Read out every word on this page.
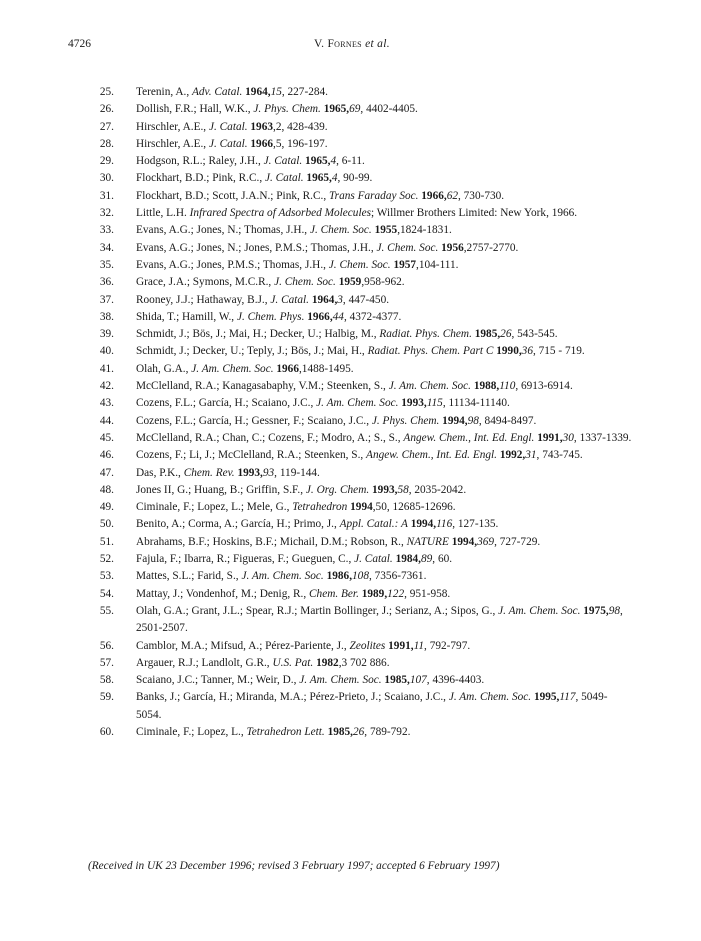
4726	V. Fornes et al.
25.	Terenin, A., Adv. Catal. 1964,15, 227-284.
26.	Dollish, F.R.; Hall, W.K., J. Phys. Chem. 1965,69, 4402-4405.
27.	Hirschler, A.E., J. Catal. 1963,2, 428-439.
28.	Hirschler, A.E., J. Catal. 1966,5, 196-197.
29.	Hodgson, R.L.; Raley, J.H., J. Catal. 1965,4, 6-11.
30.	Flockhart, B.D.; Pink, R.C., J. Catal. 1965,4, 90-99.
31.	Flockhart, B.D.; Scott, J.A.N.; Pink, R.C., Trans Faraday Soc. 1966,62, 730-730.
32.	Little, L.H. Infrared Spectra of Adsorbed Molecules; Willmer Brothers Limited: New York, 1966.
33.	Evans, A.G.; Jones, N.; Thomas, J.H., J. Chem. Soc. 1955,1824-1831.
34.	Evans, A.G.; Jones, N.; Jones, P.M.S.; Thomas, J.H., J. Chem. Soc. 1956,2757-2770.
35.	Evans, A.G.; Jones, P.M.S.; Thomas, J.H., J. Chem. Soc. 1957,104-111.
36.	Grace, J.A.; Symons, M.C.R., J. Chem. Soc. 1959,958-962.
37.	Rooney, J.J.; Hathaway, B.J., J. Catal. 1964,3, 447-450.
38.	Shida, T.; Hamill, W., J. Chem. Phys. 1966,44, 4372-4377.
39.	Schmidt, J.; Bös, J.; Mai, H.; Decker, U.; Halbig, M., Radiat. Phys. Chem. 1985,26, 543-545.
40.	Schmidt, J.; Decker, U.; Teply, J.; Bös, J.; Mai, H., Radiat. Phys. Chem. Part C 1990,36, 715 - 719.
41.	Olah, G.A., J. Am. Chem. Soc. 1966,1488-1495.
42.	McClelland, R.A.; Kanagasabaphy, V.M.; Steenken, S., J. Am. Chem. Soc. 1988,110, 6913-6914.
43.	Cozens, F.L.; García, H.; Scaiano, J.C., J. Am. Chem. Soc. 1993,115, 11134-11140.
44.	Cozens, F.L.; García, H.; Gessner, F.; Scaiano, J.C., J. Phys. Chem. 1994,98, 8494-8497.
45.	McClelland, R.A.; Chan, C.; Cozens, F.; Modro, A.; S., S., Angew. Chem., Int. Ed. Engl. 1991,30, 1337-1339.
46.	Cozens, F.; Li, J.; McClelland, R.A.; Steenken, S., Angew. Chem., Int. Ed. Engl. 1992,31, 743-745.
47.	Das, P.K., Chem. Rev. 1993,93, 119-144.
48.	Jones II, G.; Huang, B.; Griffin, S.F., J. Org. Chem. 1993,58, 2035-2042.
49.	Ciminale, F.; Lopez, L.; Mele, G., Tetrahedron 1994,50, 12685-12696.
50.	Benito, A.; Corma, A.; García, H.; Primo, J., Appl. Catal.: A 1994,116, 127-135.
51.	Abrahams, B.F.; Hoskins, B.F.; Michail, D.M.; Robson, R., NATURE 1994,369, 727-729.
52.	Fajula, F.; Ibarra, R.; Figueras, F.; Gueguen, C., J. Catal. 1984,89, 60.
53.	Mattes, S.L.; Farid, S., J. Am. Chem. Soc. 1986,108, 7356-7361.
54.	Mattay, J.; Vondenhof, M.; Denig, R., Chem. Ber. 1989,122, 951-958.
55.	Olah, G.A.; Grant, J.L.; Spear, R.J.; Martin Bollinger, J.; Serianz, A.; Sipos, G., J. Am. Chem. Soc. 1975,98, 2501-2507.
56.	Camblor, M.A.; Mifsud, A.; Pérez-Pariente, J., Zeolites 1991,11, 792-797.
57.	Argauer, R.J.; Landlolt, G.R., U.S. Pat. 1982,3 702 886.
58.	Scaiano, J.C.; Tanner, M.; Weir, D., J. Am. Chem. Soc. 1985,107, 4396-4403.
59.	Banks, J.; García, H.; Miranda, M.A.; Pérez-Prieto, J.; Scaiano, J.C., J. Am. Chem. Soc. 1995,117, 5049-5054.
60.	Ciminale, F.; Lopez, L., Tetrahedron Lett. 1985,26, 789-792.
(Received in UK 23 December 1996; revised 3 February 1997; accepted 6 February 1997)
